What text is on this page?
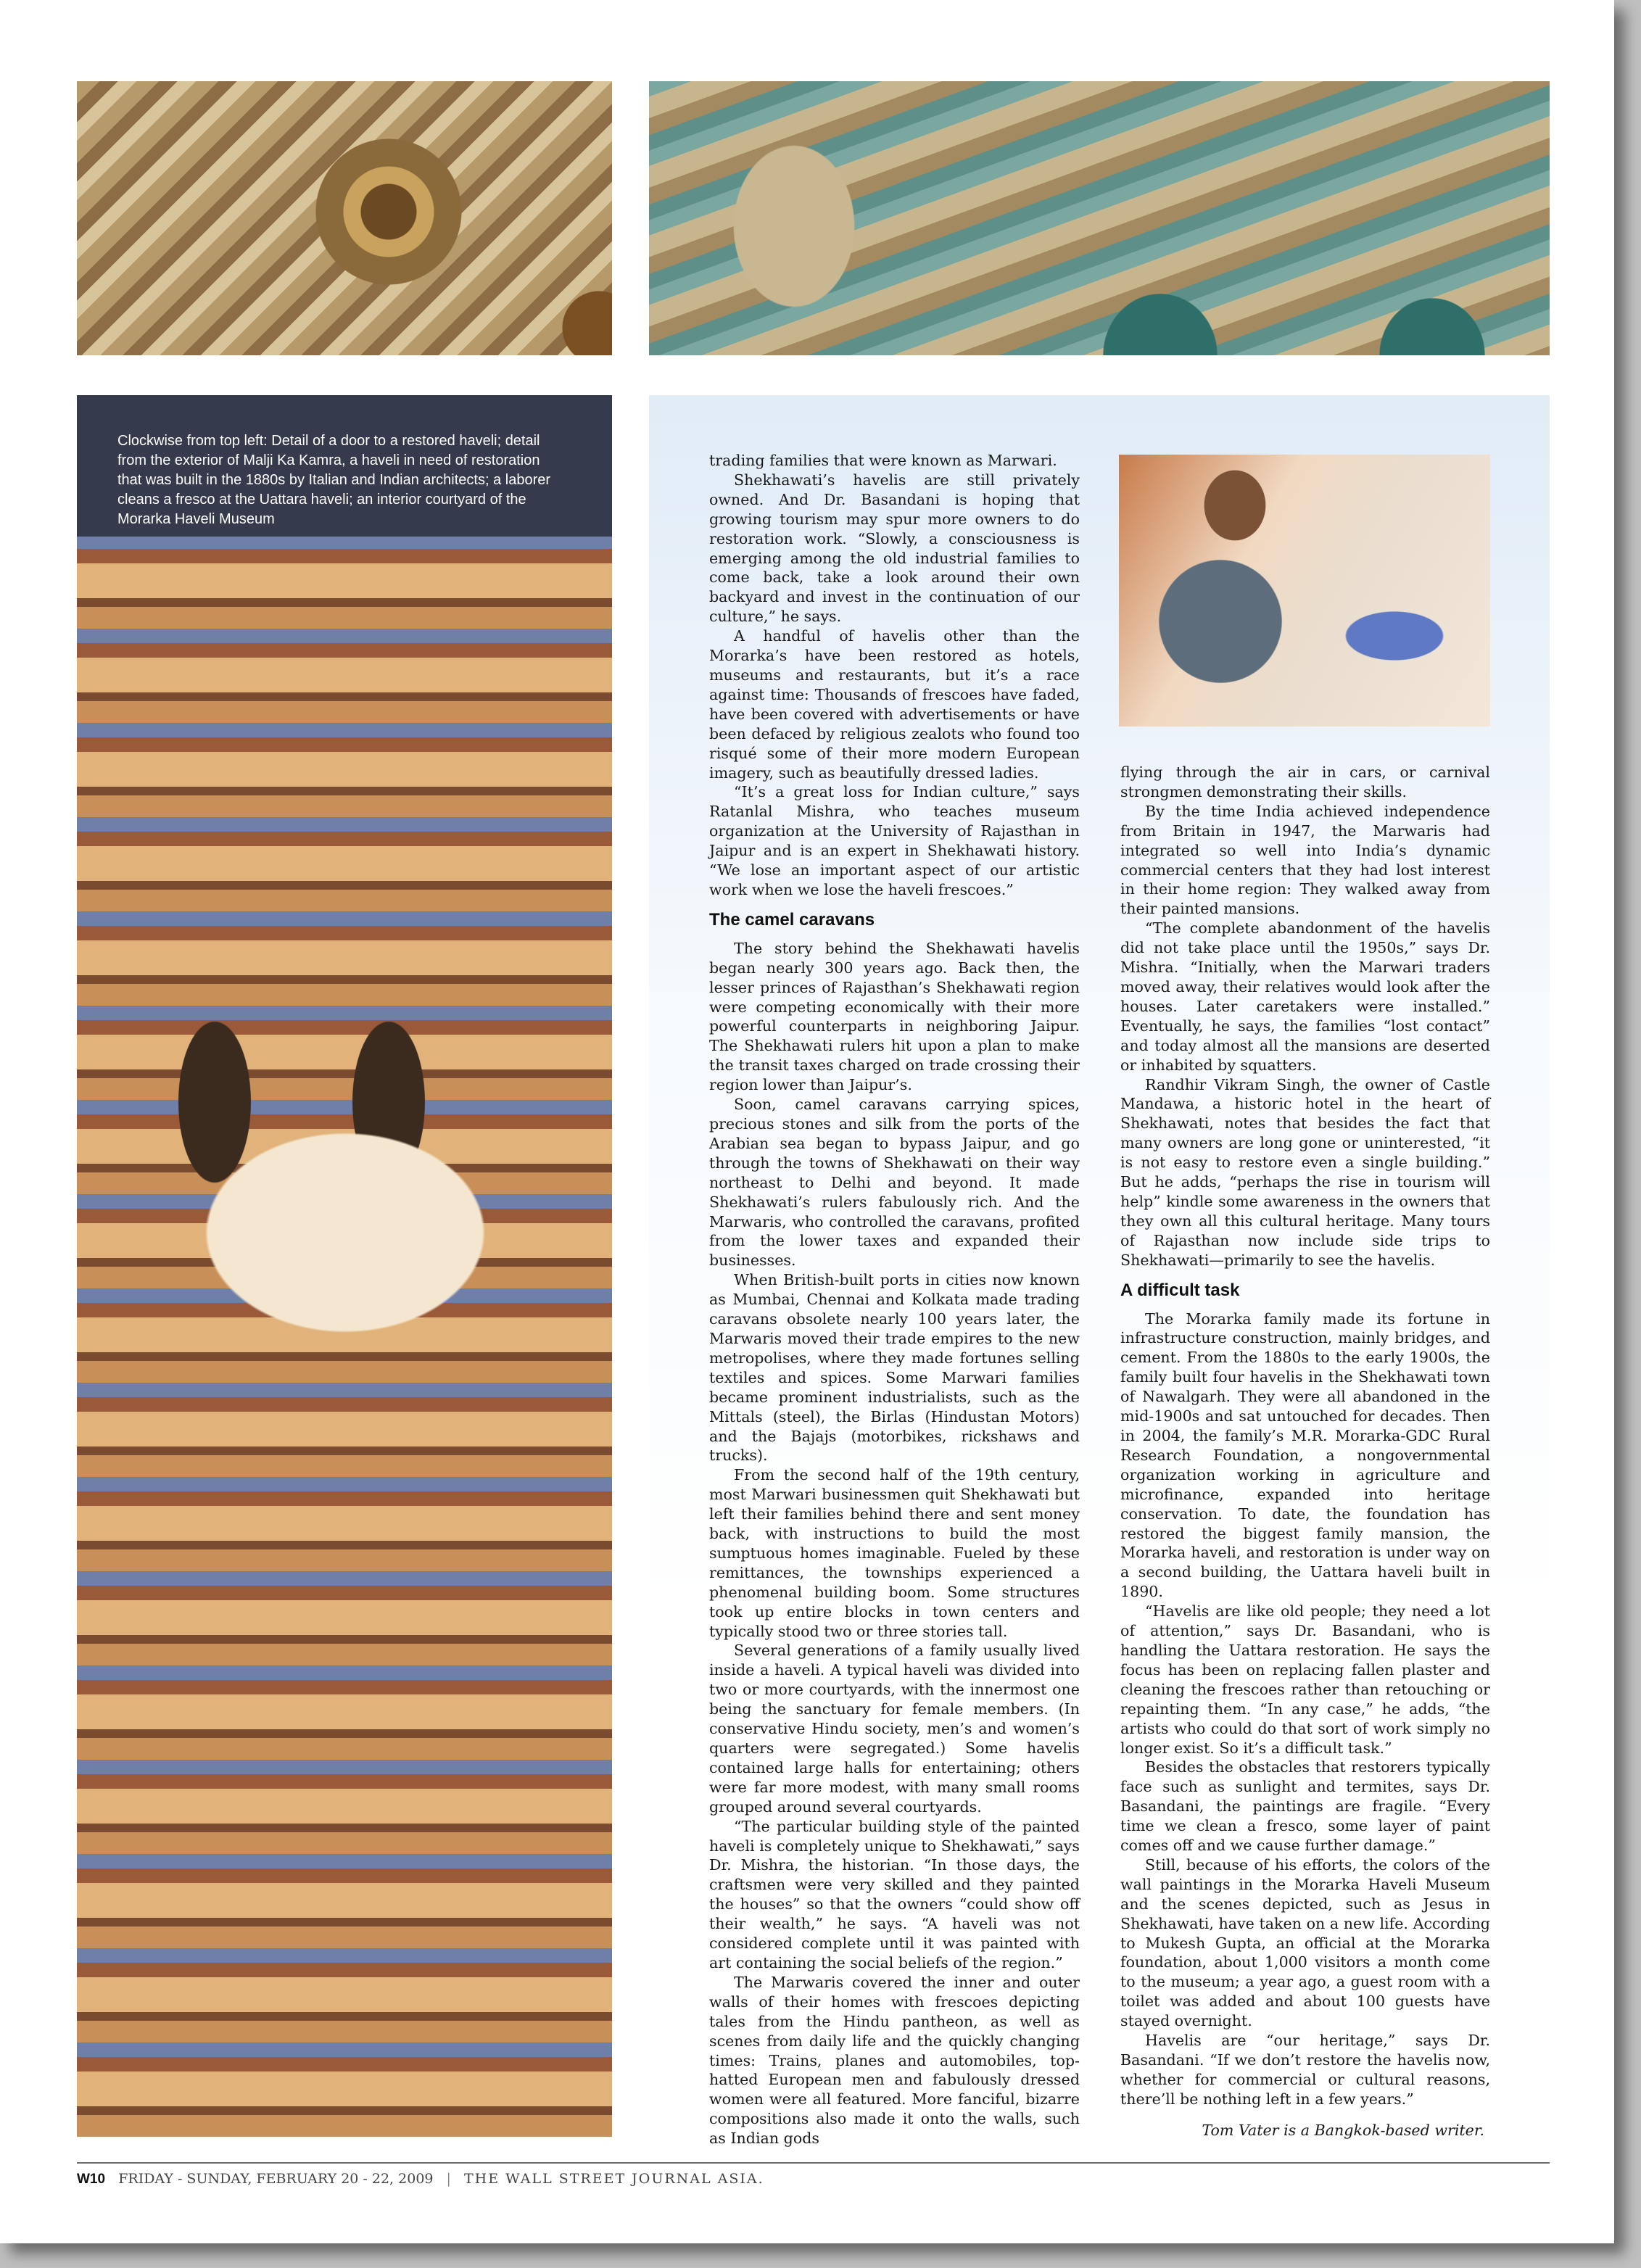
Clockwise from top left: Detail of a door to a restored haveli; detail from the exterior of Malji Ka Kamra, a haveli in need of restoration that was built in the 1880s by Italian and Indian architects; a laborer cleans a fresco at the Uattara haveli; an interior courtyard of the Morarka Haveli Museum

trading families that were known as Marwari.

Shekhawati’s havelis are still privately owned. And Dr. Basandani is hoping that growing tourism may spur more owners to do restoration work. “Slowly, a consciousness is emerging among the old industrial families to come back, take a look around their own backyard and invest in the continuation of our culture,” he says.

A handful of havelis other than the Morarka’s have been restored as hotels, museums and restaurants, but it’s a race against time: Thousands of frescoes have faded, have been covered with advertisements or have been defaced by religious zealots who found too risqué some of their more modern European imagery, such as beautifully dressed ladies.

“It’s a great loss for Indian culture,” says Ratanlal Mishra, who teaches museum organization at the University of Rajasthan in Jaipur and is an expert in Shekhawati history. “We lose an important aspect of our artistic work when we lose the haveli frescoes.”

The camel caravans

The story behind the Shekhawati havelis began nearly 300 years ago. Back then, the lesser princes of Rajasthan’s Shekhawati region were competing economically with their more powerful counterparts in neighboring Jaipur. The Shekhawati rulers hit upon a plan to make the transit taxes charged on trade crossing their region lower than Jaipur’s.

Soon, camel caravans carrying spices, precious stones and silk from the ports of the Arabian sea began to bypass Jaipur, and go through the towns of Shekhawati on their way northeast to Delhi and beyond. It made Shekhawati’s rulers fabulously rich. And the Marwaris, who controlled the caravans, profited from the lower taxes and expanded their businesses.

When British-built ports in cities now known as Mumbai, Chennai and Kolkata made trading caravans obsolete nearly 100 years later, the Marwaris moved their trade empires to the new metropolises, where they made fortunes selling textiles and spices. Some Marwari families became prominent industrialists, such as the Mittals (steel), the Birlas (Hindustan Motors) and the Bajajs (motorbikes, rickshaws and trucks).

From the second half of the 19th century, most Marwari businessmen quit Shekhawati but left their families behind there and sent money back, with instructions to build the most sumptuous homes imaginable. Fueled by these remittances, the townships experienced a phenomenal building boom. Some structures took up entire blocks in town centers and typically stood two or three stories tall.

Several generations of a family usually lived inside a haveli. A typical haveli was divided into two or more courtyards, with the innermost one being the sanctuary for female members. (In conservative Hindu society, men’s and women’s quarters were segregated.) Some havelis contained large halls for entertaining; others were far more modest, with many small rooms grouped around several courtyards.

“The particular building style of the painted haveli is completely unique to Shekhawati,” says Dr. Mishra, the historian. “In those days, the craftsmen were very skilled and they painted the houses” so that the owners “could show off their wealth,” he says. “A haveli was not considered complete until it was painted with art containing the social beliefs of the region.”

The Marwaris covered the inner and outer walls of their homes with frescoes depicting tales from the Hindu pantheon, as well as scenes from daily life and the quickly changing times: Trains, planes and automobiles, top-hatted European men and fabulously dressed women were all featured. More fanciful, bizarre compositions also made it onto the walls, such as Indian gods

flying through the air in cars, or carnival strongmen demonstrating their skills.

By the time India achieved independence from Britain in 1947, the Marwaris had integrated so well into India’s dynamic commercial centers that they had lost interest in their home region: They walked away from their painted mansions.

“The complete abandonment of the havelis did not take place until the 1950s,” says Dr. Mishra. “Initially, when the Marwari traders moved away, their relatives would look after the houses. Later caretakers were installed.” Eventually, he says, the families “lost contact” and today almost all the mansions are deserted or inhabited by squatters.

Randhir Vikram Singh, the owner of Castle Mandawa, a historic hotel in the heart of Shekhawati, notes that besides the fact that many owners are long gone or uninterested, “it is not easy to restore even a single building.” But he adds, “perhaps the rise in tourism will help” kindle some awareness in the owners that they own all this cultural heritage. Many tours of Rajasthan now include side trips to Shekhawati—primarily to see the havelis.

A difficult task

The Morarka family made its fortune in infrastructure construction, mainly bridges, and cement. From the 1880s to the early 1900s, the family built four havelis in the Shekhawati town of Nawalgarh. They were all abandoned in the mid-1900s and sat untouched for decades. Then in 2004, the family’s M.R. Morarka-GDC Rural Research Foundation, a nongovernmental organization working in agriculture and microfinance, expanded into heritage conservation. To date, the foundation has restored the biggest family mansion, the Morarka haveli, and restoration is under way on a second building, the Uattara haveli built in 1890.

“Havelis are like old people; they need a lot of attention,” says Dr. Basandani, who is handling the Uattara restoration. He says the focus has been on replacing fallen plaster and cleaning the frescoes rather than retouching or repainting them. “In any case,” he adds, “the artists who could do that sort of work simply no longer exist. So it’s a difficult task.”

Besides the obstacles that restorers typically face such as sunlight and termites, says Dr. Basandani, the paintings are fragile. “Every time we clean a fresco, some layer of paint comes off and we cause further damage.”

Still, because of his efforts, the colors of the wall paintings in the Morarka Haveli Museum and the scenes depicted, such as Jesus in Shekhawati, have taken on a new life. According to Mukesh Gupta, an official at the Morarka foundation, about 1,000 visitors a month come to the museum; a year ago, a guest room with a toilet was added and about 100 guests have stayed overnight.

Havelis are “our heritage,” says Dr. Basandani. “If we don’t restore the havelis now, whether for commercial or cultural reasons, there’ll be nothing left in a few years.”

Tom Vater is a Bangkok-based writer.

W10 FRIDAY - SUNDAY, FEBRUARY 20 - 22, 2009 | THE WALL STREET JOURNAL ASIA.
